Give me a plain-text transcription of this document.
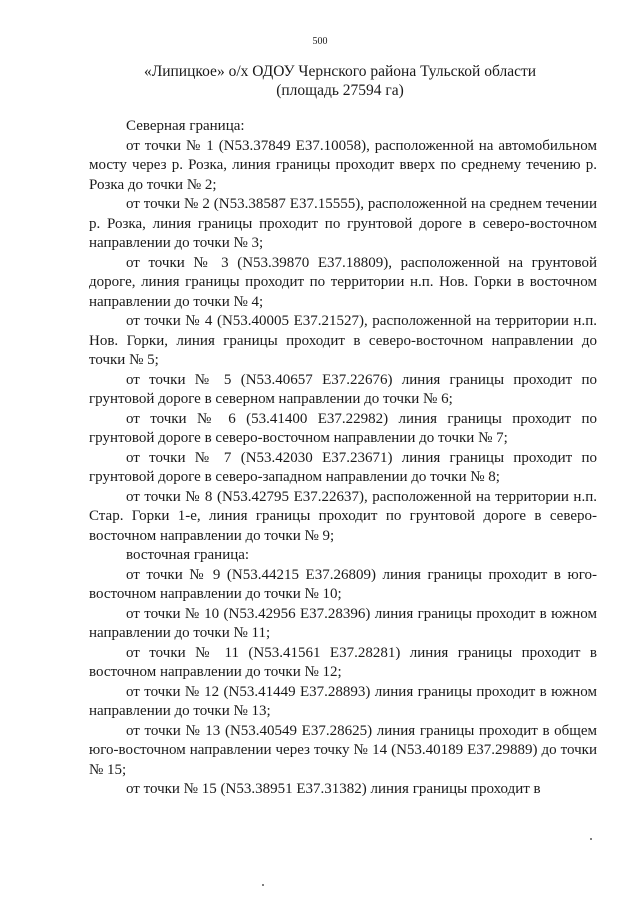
500
«Липицкое» о/х ОДОУ Чернского района Тульской области
(площадь 27594 га)

Северная граница:

от точки № 1 (N53.37849 E37.10058), расположенной на автомобильном мосту через р. Розка, линия границы проходит вверх по среднему течению р. Розка до точки № 2;

от точки № 2 (N53.38587 E37.15555), расположенной на среднем течении р. Розка, линия границы проходит по грунтовой дороге в северо-восточном направлении до точки № 3;

от точки № 3 (N53.39870 E37.18809), расположенной на грунтовой дороге, линия границы проходит по территории н.п. Нов. Горки в восточном направлении до точки № 4;

от точки № 4 (N53.40005 E37.21527), расположенной на территории н.п. Нов. Горки, линия границы проходит в северо-восточном направлении до точки № 5;

от точки № 5 (N53.40657 E37.22676) линия границы проходит по грунтовой дороге в северном направлении до точки № 6;

от точки № 6 (53.41400 E37.22982) линия границы проходит по грунтовой дороге в северо-восточном направлении до точки № 7;

от точки № 7 (N53.42030 E37.23671) линия границы проходит по грунтовой дороге в северо-западном направлении до точки № 8;

от точки № 8 (N53.42795 E37.22637), расположенной на территории н.п. Стар. Горки 1-е, линия границы проходит по грунтовой дороге в северо-восточном направлении до точки № 9;

восточная граница:

от точки № 9 (N53.44215 E37.26809) линия границы проходит в юго-восточном направлении до точки № 10;

от точки № 10 (N53.42956 E37.28396) линия границы проходит в южном направлении до точки № 11;

от точки № 11 (N53.41561 E37.28281) линия границы проходит в восточном направлении до точки № 12;

от точки № 12 (N53.41449 E37.28893) линия границы проходит в южном направлении до точки № 13;

от точки № 13 (N53.40549 E37.28625) линия границы проходит в общем юго-восточном направлении через точку № 14 (N53.40189 E37.29889) до точки № 15;

от точки № 15 (N53.38951 E37.31382) линия границы проходит в
